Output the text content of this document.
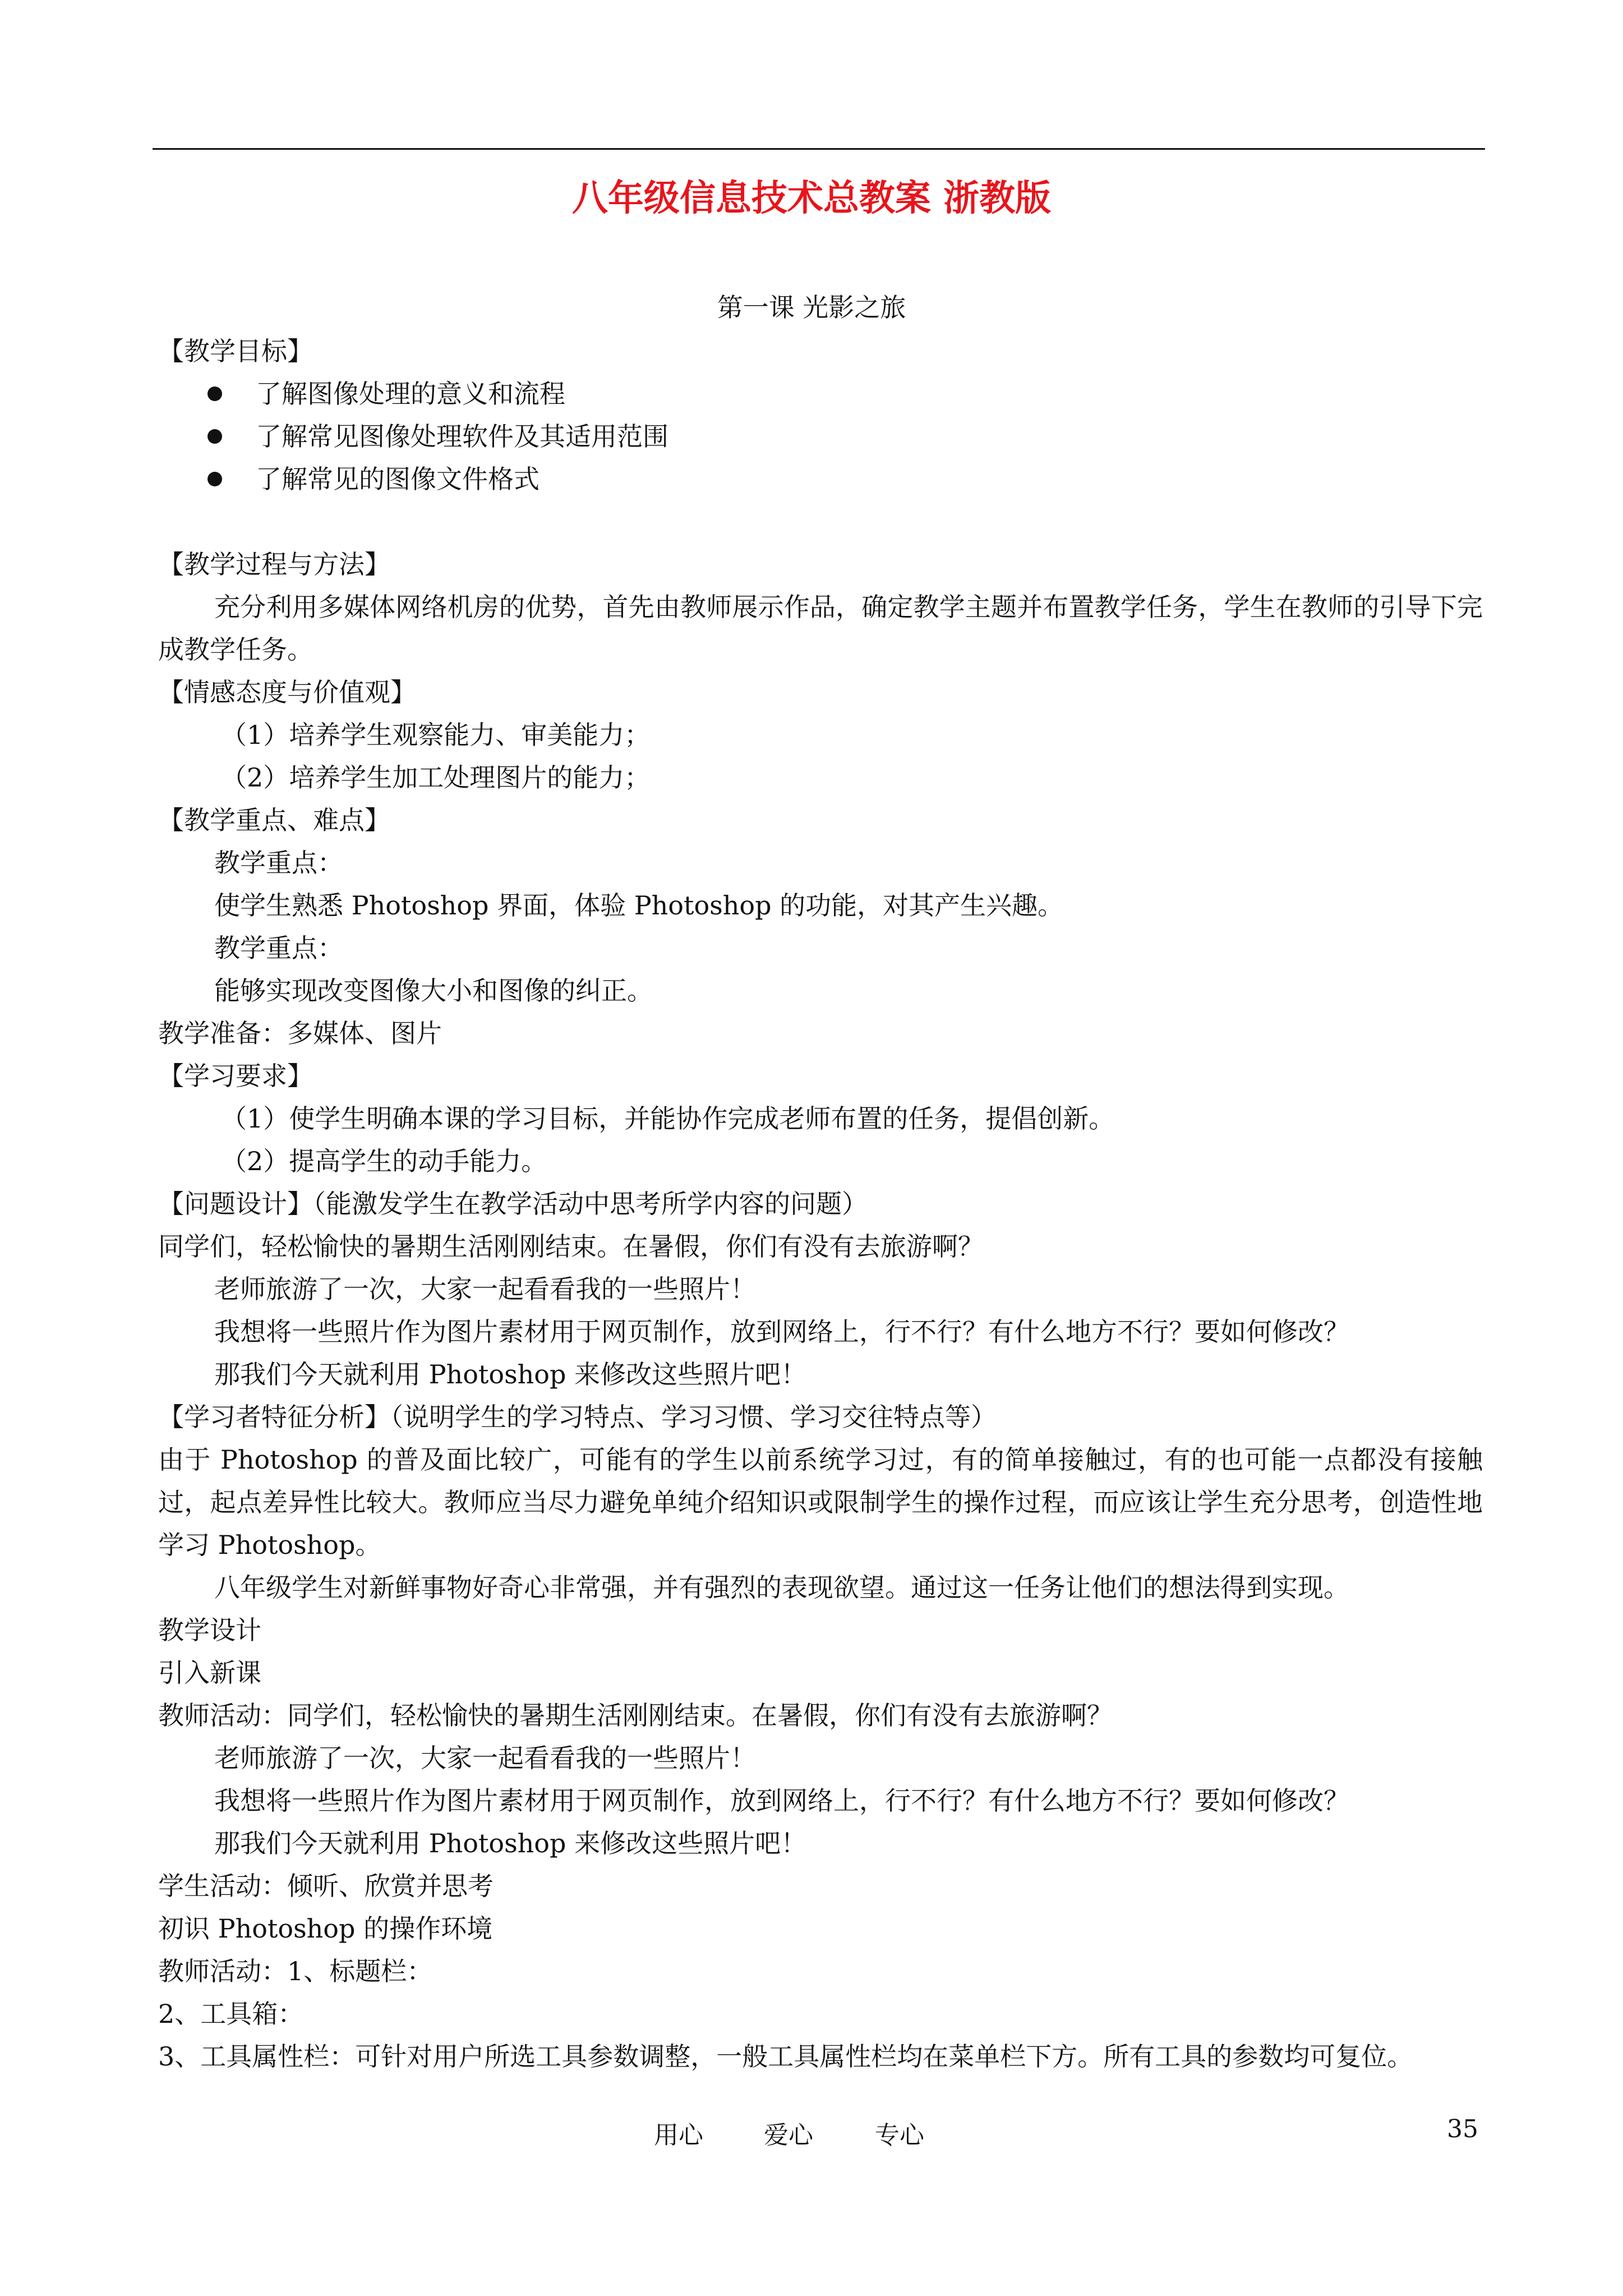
八年级信息技术总教案 浙教版
第一课 光影之旅
【教学目标】
了解图像处理的意义和流程
了解常见图像处理软件及其适用范围
了解常见的图像文件格式
【教学过程与方法】
充分利用多媒体网络机房的优势，首先由教师展示作品，确定教学主题并布置教学任务，学生在教师的引导下完成教学任务。
【情感态度与价值观】
（1）培养学生观察能力、审美能力；
（2）培养学生加工处理图片的能力；
【教学重点、难点】
教学重点：
使学生熟悉 Photoshop 界面，体验 Photoshop 的功能，对其产生兴趣。
教学重点：
能够实现改变图像大小和图像的纠正。
教学准备：多媒体、图片
【学习要求】
（1）使学生明确本课的学习目标，并能协作完成老师布置的任务，提倡创新。
（2）提高学生的动手能力。
【问题设计】（能激发学生在教学活动中思考所学内容的问题）
同学们，轻松愉快的暑期生活刚刚结束。在暑假，你们有没有去旅游啊？
老师旅游了一次，大家一起看看我的一些照片！
我想将一些照片作为图片素材用于网页制作，放到网络上，行不行？有什么地方不行？要如何修改？
那我们今天就利用 Photoshop 来修改这些照片吧！
【学习者特征分析】（说明学生的学习特点、学习习惯、学习交往特点等）
由于 Photoshop 的普及面比较广，可能有的学生以前系统学习过，有的简单接触过，有的也可能一点都没有接触过，起点差异性比较大。教师应当尽力避免单纯介绍知识或限制学生的操作过程，而应该让学生充分思考，创造性地学习 Photoshop。
八年级学生对新鲜事物好奇心非常强，并有强烈的表现欲望。通过这一任务让他们的想法得到实现。
教学设计
引入新课
教师活动：同学们，轻松愉快的暑期生活刚刚结束。在暑假，你们有没有去旅游啊？
老师旅游了一次，大家一起看看我的一些照片！
我想将一些照片作为图片素材用于网页制作，放到网络上，行不行？有什么地方不行？要如何修改？
那我们今天就利用 Photoshop 来修改这些照片吧！
学生活动：倾听、欣赏并思考
初识 Photoshop 的操作环境
教师活动：1、标题栏：
2、工具箱：
3、工具属性栏：可针对用户所选工具参数调整，一般工具属性栏均在菜单栏下方。所有工具的参数均可复位。
用心 爱心	专心	35
